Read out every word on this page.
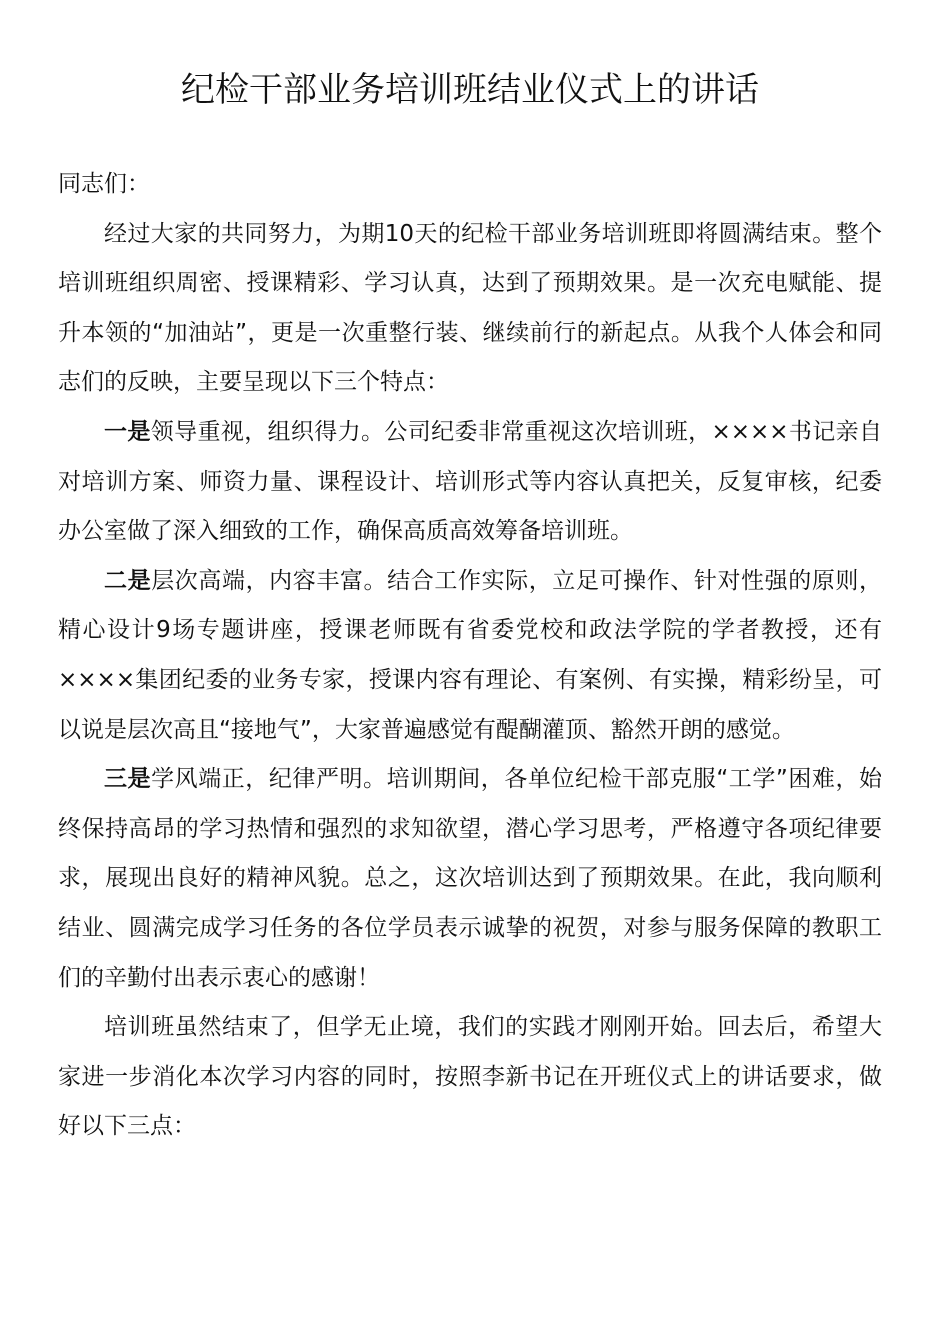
纪检干部业务培训班结业仪式上的讲话

同志们：

经过大家的共同努力，为期10天的纪检干部业务培训班即将圆满结束。整个培训班组织周密、授课精彩、学习认真，达到了预期效果。是一次充电赋能、提升本领的“加油站”，更是一次重整行装、继续前行的新起点。从我个人体会和同志们的反映，主要呈现以下三个特点：

一是领导重视，组织得力。公司纪委非常重视这次培训班，××××书记亲自对培训方案、师资力量、课程设计、培训形式等内容认真把关，反复审核，纪委办公室做了深入细致的工作，确保高质高效筹备培训班。

二是层次高端，内容丰富。结合工作实际，立足可操作、针对性强的原则，精心设计9场专题讲座，授课老师既有省委党校和政法学院的学者教授，还有××××集团纪委的业务专家，授课内容有理论、有案例、有实操，精彩纷呈，可以说是层次高且“接地气”，大家普遍感觉有醍醐灌顶、豁然开朗的感觉。

三是学风端正，纪律严明。培训期间，各单位纪检干部克服“工学”困难，始终保持高昂的学习热情和强烈的求知欲望，潜心学习思考，严格遵守各项纪律要求，展现出良好的精神风貌。总之，这次培训达到了预期效果。在此，我向顺利结业、圆满完成学习任务的各位学员表示诚挚的祝贺，对参与服务保障的教职工们的辛勤付出表示衷心的感谢！

培训班虽然结束了，但学无止境，我们的实践才刚刚开始。回去后，希望大家进一步消化本次学习内容的同时，按照李新书记在开班仪式上的讲话要求，做好以下三点：
